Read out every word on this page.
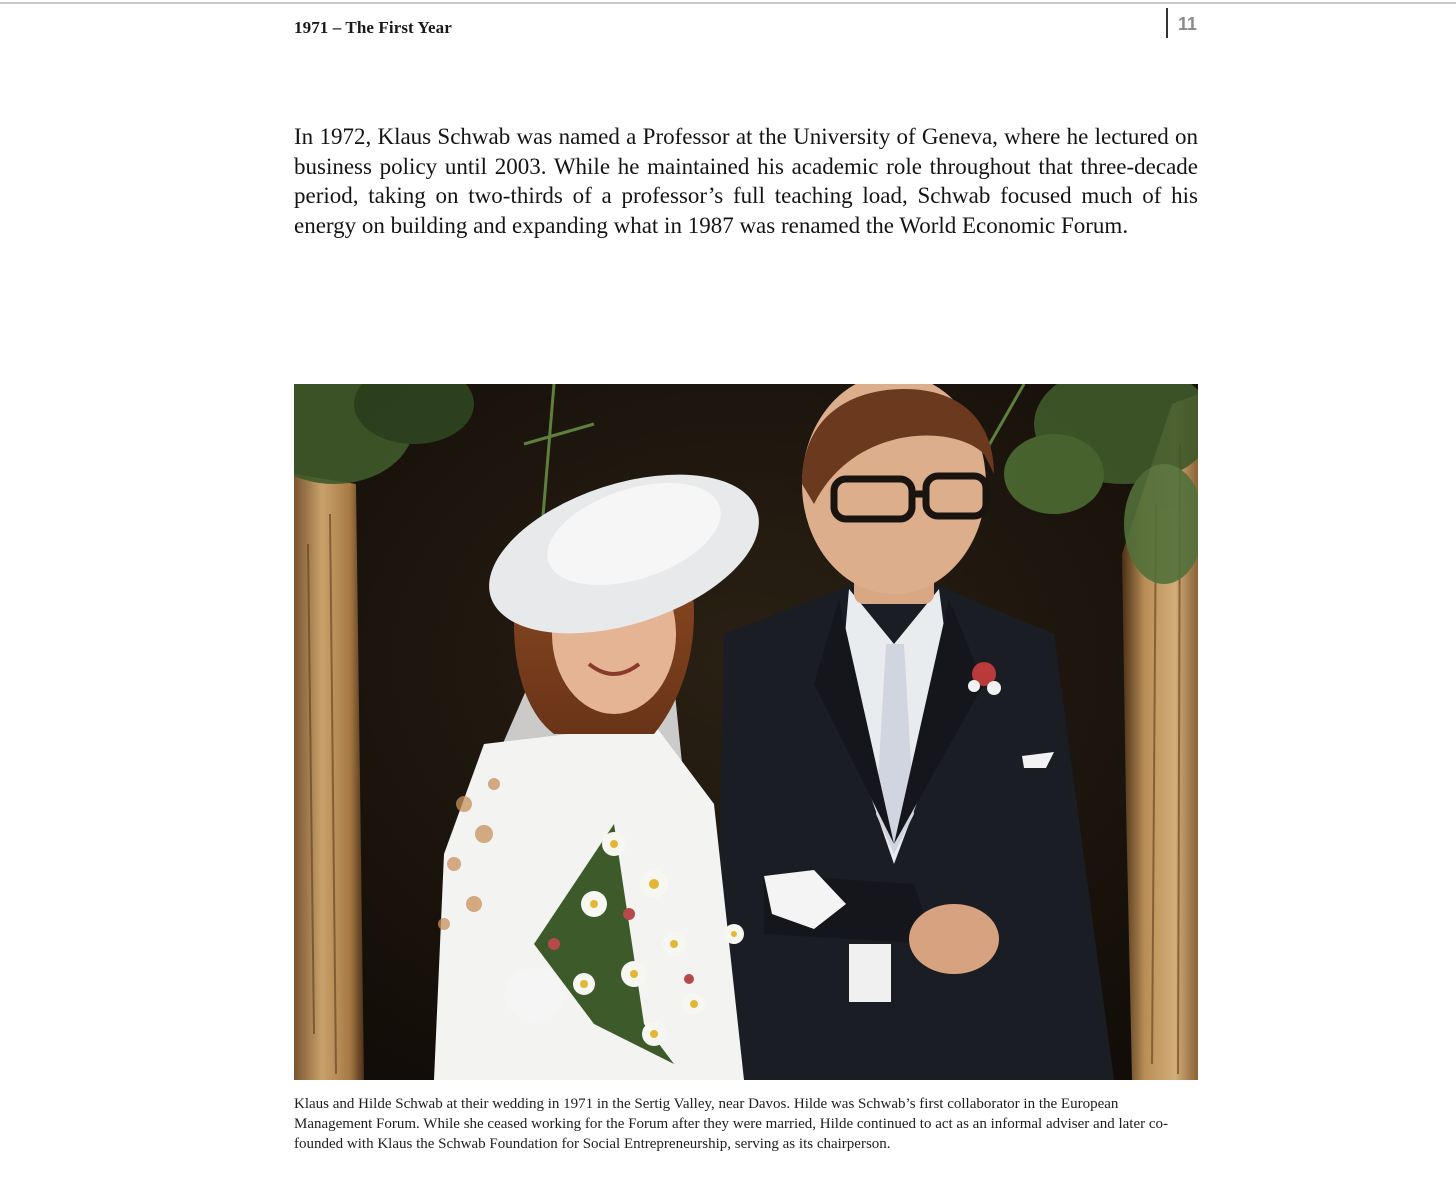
1971 – The First Year	11

In 1972, Klaus Schwab was named a Professor at the University of Geneva, where he lectured on business policy until 2003. While he maintained his academic role throughout that three-decade period, taking on two-thirds of a professor’s full teaching load, Schwab focused much of his energy on building and expanding what in 1987 was renamed the World Economic Forum.

Klaus and Hilde Schwab at their wedding in 1971 in the Sertig Valley, near Davos. Hilde was Schwab’s first collaborator in the European Management Forum. While she ceased working for the Forum after they were married, Hilde continued to act as an informal adviser and later co-founded with Klaus the Schwab Foundation for Social Entrepreneurship, serving as its chairperson.
